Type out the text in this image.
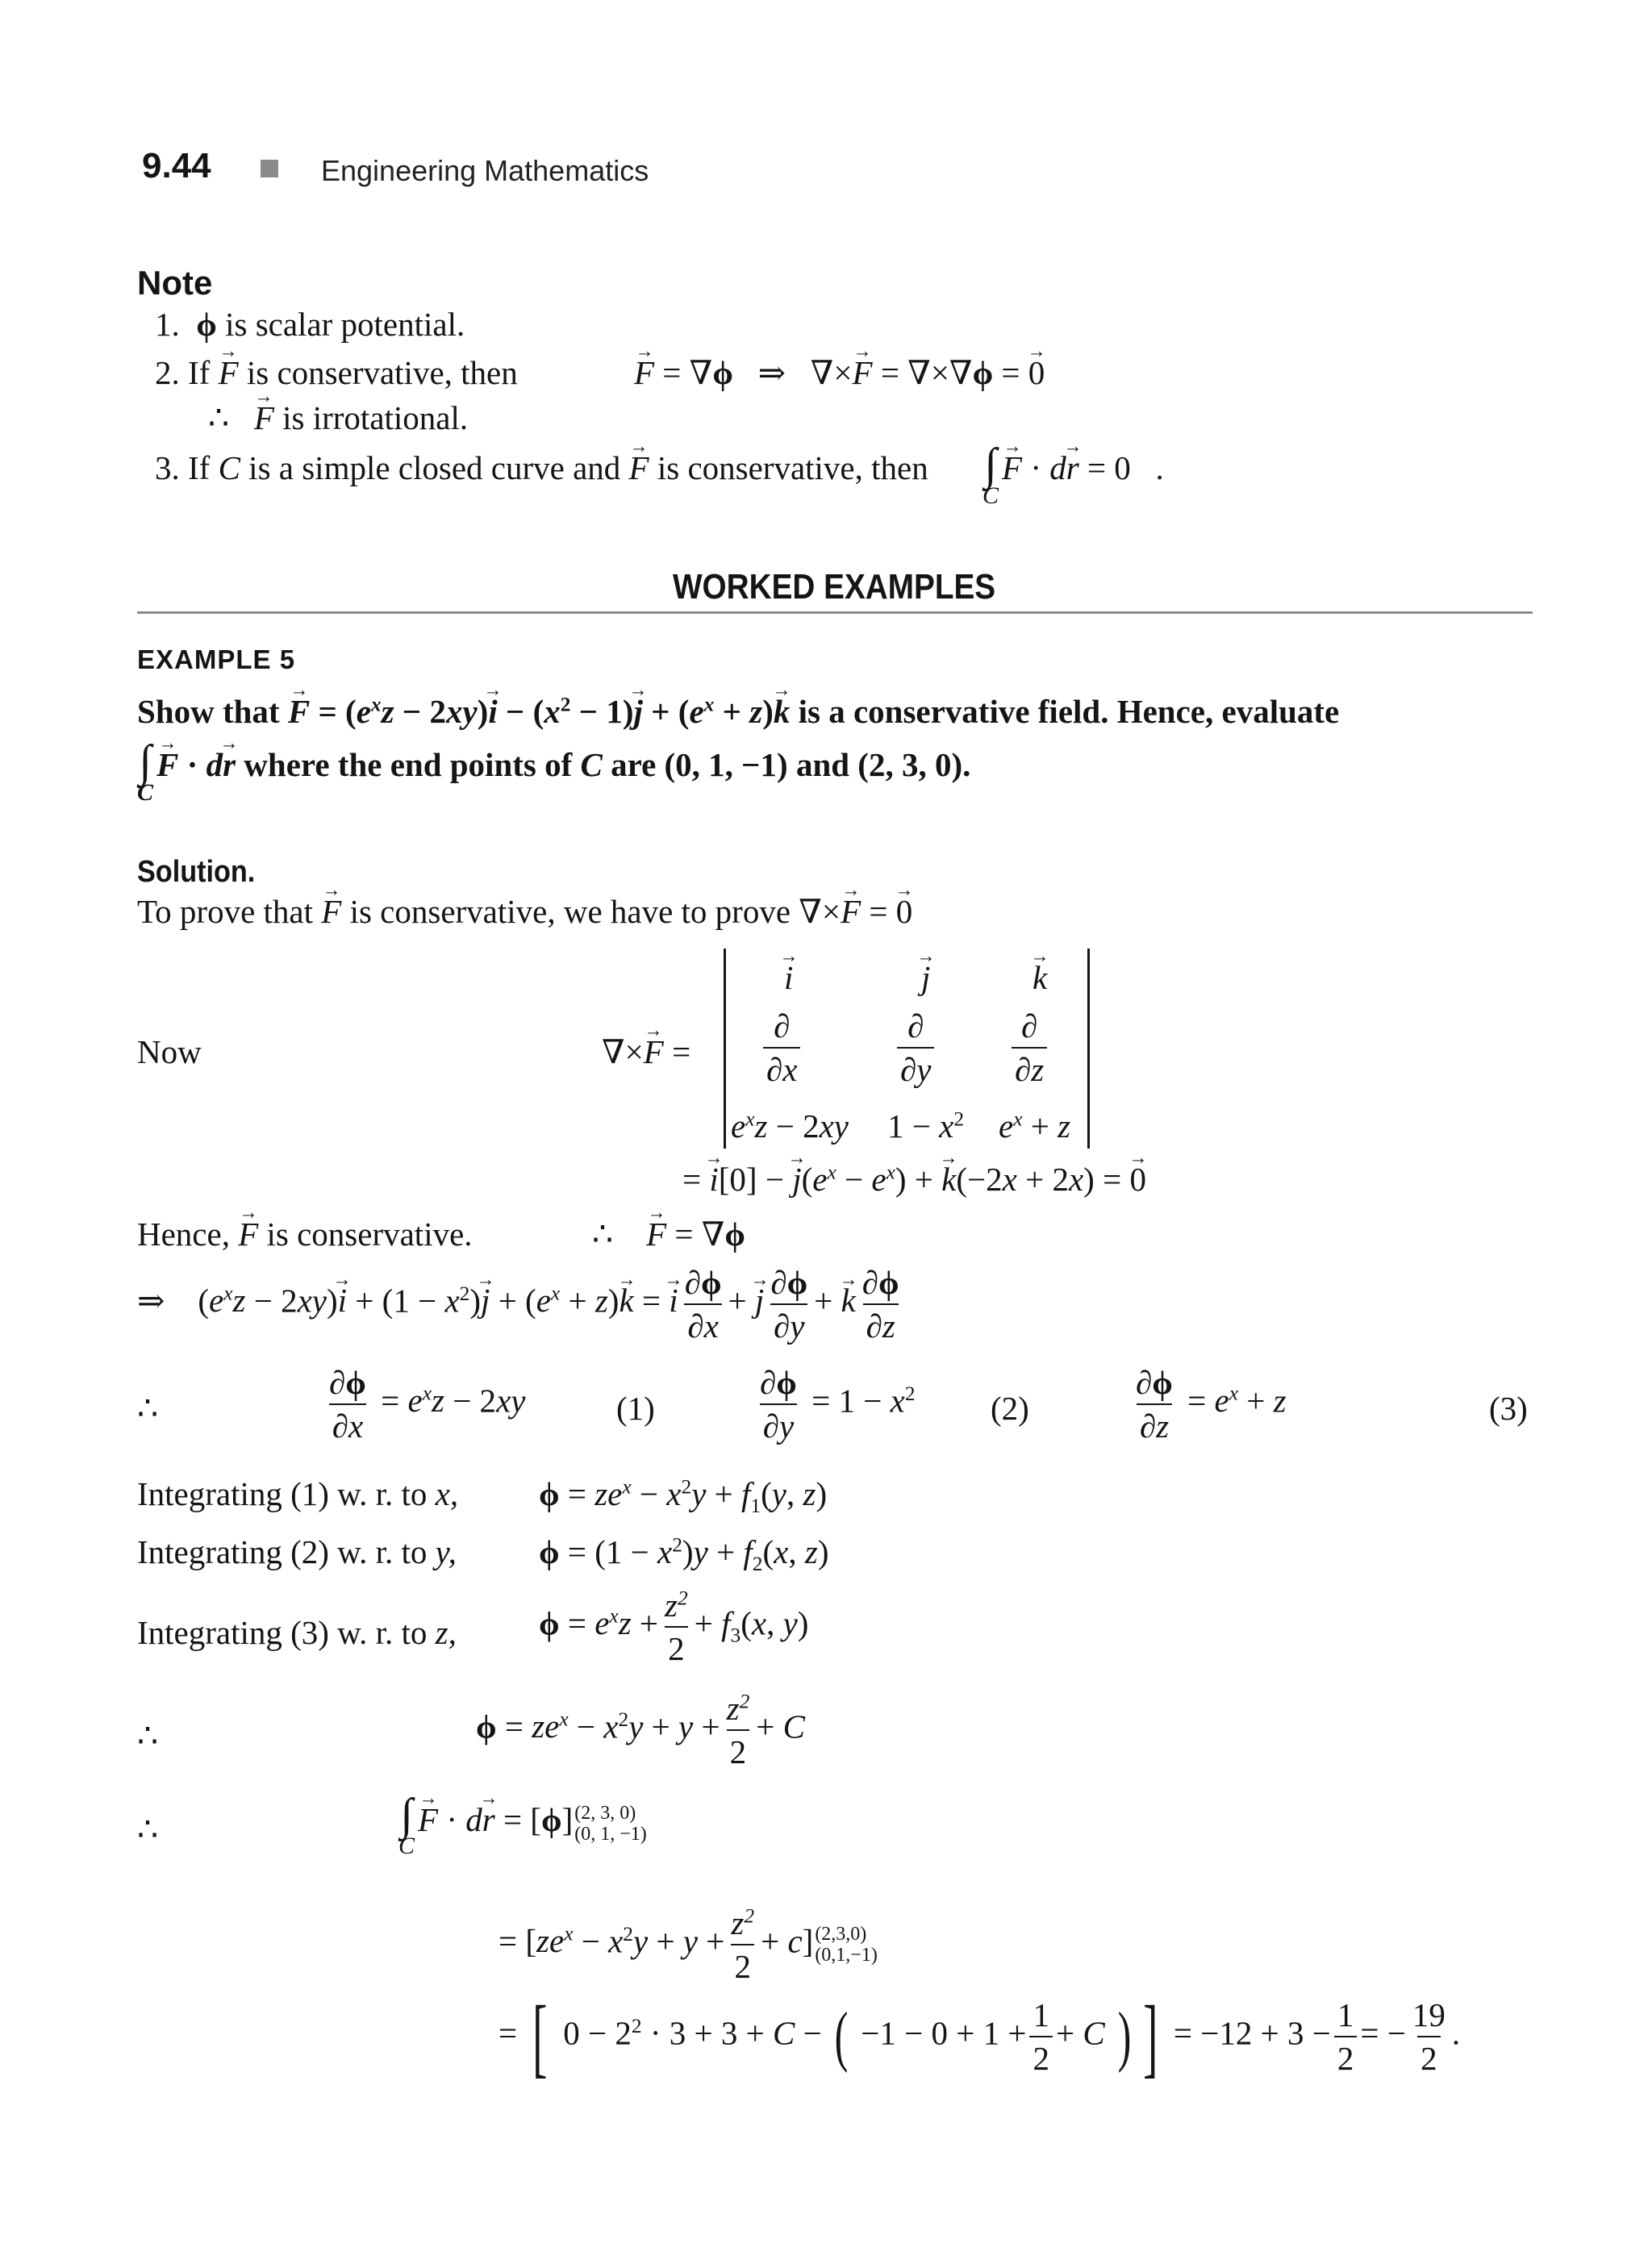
9.44	Engineering Mathematics
Note
1.  ϕ is scalar potential.
2. If → F is conservative, then	→ F = ∇ϕ   ⇒   ∇×→ F = ∇×∇ϕ = → 0
∴   → F is irrotational.
3. If C is a simple closed curve and → F is conservative, then ∫
C
→ F · d→ r = 0   .
WORKED EXAMPLES
EXAMPLE 5
Show that → $F = (e^xz - 2xy)\to i - (x^2 - 1)\to j + (e^x + z)\to k$ is a conservative field. Hence, evaluate
∫
C
→ F · d→ r where the end points of C are (0, 1, −1) and (2, 3, 0).
Solution.
To prove that → F is conservative, we have to prove ∇×→ F = → 0
Now	∇×→ F =
→ i	→ j	→ k
$\frac{\partial}{\partial x}$	$\frac{\partial}{\partial y} \frac{\partial}{\partial z}$
$e^xz - 2xy$ $1 - x^2$ $e^x + z$
= → i[0] − → $j(e^x - e^x)$ + → k(−2x + 2x) = → 0
Hence, → F is conservative.	∴    → F = ∇ϕ
⇒    $(e^xz - 2xy)\to i + (1 - x^2)\to j + (e^x + z)\to k$ = → i $\frac{\partial\phi}{\partial x}$ + → j $\frac{\partial\phi}{\partial y}$ + → k $\frac{\partial\phi}{\partial z}$
∴	$\frac{\partial\phi}{\partial x} = e^xz - 2xy$	(1)	$\frac{\partial\phi}{\partial y} = 1 - x^2$ (2)	$\frac{\partial\phi}{\partial z} = e^x + z$	(3)
Integrating (1) w. r. to x, $\phi = ze^x - x^2y + f_1(y$, z)
Integrating (2) w. r. to y, $\phi = (1 - x^2)y + f_2(x$, z)
Integrating (3) w. r. to z, $\phi = e^xz + \frac{z^2}{2} + f_3(x$, y)
∴	$\phi = ze^x - x^2y + y + \frac{z^2}{2} + C$
∴	∫
C
→ F · d→ r = [ϕ] (2, 3, 0)
(0, 1, −1)
= $[ze^x - x^2y + y + \frac{z^2}{2} + c]$ (2,3,0)
(0,1,−1)
= [ $0 - 2^2 \cdot 3 + 3 + C$ − ( $-1 - 0 + 1 + \frac{1}{2} + C$ ) ] = $-12 + 3 - \frac{1}{2}$ = − $\frac{19}{2}$ .
